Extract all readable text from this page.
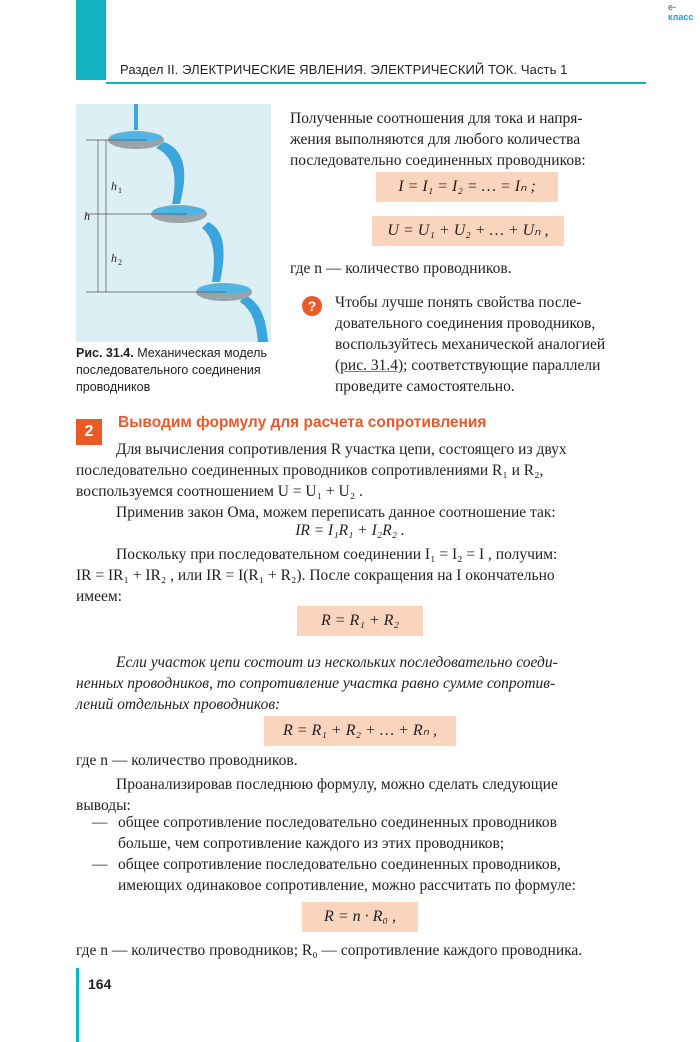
e-класс
Раздел II. ЭЛЕКТРИЧЕСКИЕ ЯВЛЕНИЯ. ЭЛЕКТРИЧЕСКИЙ ТОК. Часть 1
h 1
h
h 2
Рис. 31.4. Механическая модель последовательного соединения проводников
Полученные соотношения для тока и напря-
жения выполняются для любого количества
последовательно соединенных проводников:
I = I₁ = I₂ = … = Iₙ ;
U = U₁ + U₂ + … + Uₙ ,
где n — количество проводников.
?	Чтобы лучше понять свойства после-
довательного соединения проводников,
воспользуйтесь механической аналогией
(рис. 31.4); соответствующие параллели
проведите самостоятельно.
2
Выводим формулу для расчета сопротивления
Для вычисления сопротивления R участка цепи, состоящего из двух
последовательно соединенных проводников сопротивлениями R₁ и R₂,
воспользуемся соотношением U = U₁ + U₂ .
Применив закон Ома, можем переписать данное соотношение так:
IR = I₁R₁ + I₂R₂ .
Поскольку при последовательном соединении I₁ = I₂ = I , получим:
IR = IR₁ + IR₂ , или IR = I(R₁ + R₂). После сокращения на I окончательно
имеем:
R = R₁ + R₂
Если участок цепи состоит из нескольких последовательно соеди-
ненных проводников, то сопротивление участка равно сумме сопротив-
лений отдельных проводников:
R = R₁ + R₂ + … + Rₙ ,
где n — количество проводников.
Проанализировав последнюю формулу, можно сделать следующие
выводы:
— общее сопротивление последовательно соединенных проводников
больше, чем сопротивление каждого из этих проводников;
— общее сопротивление последовательно соединенных проводников,
имеющих одинаковое сопротивление, можно рассчитать по формуле:
R = n · R₀ ,
где n — количество проводников; R₀ — сопротивление каждого проводника.
164
